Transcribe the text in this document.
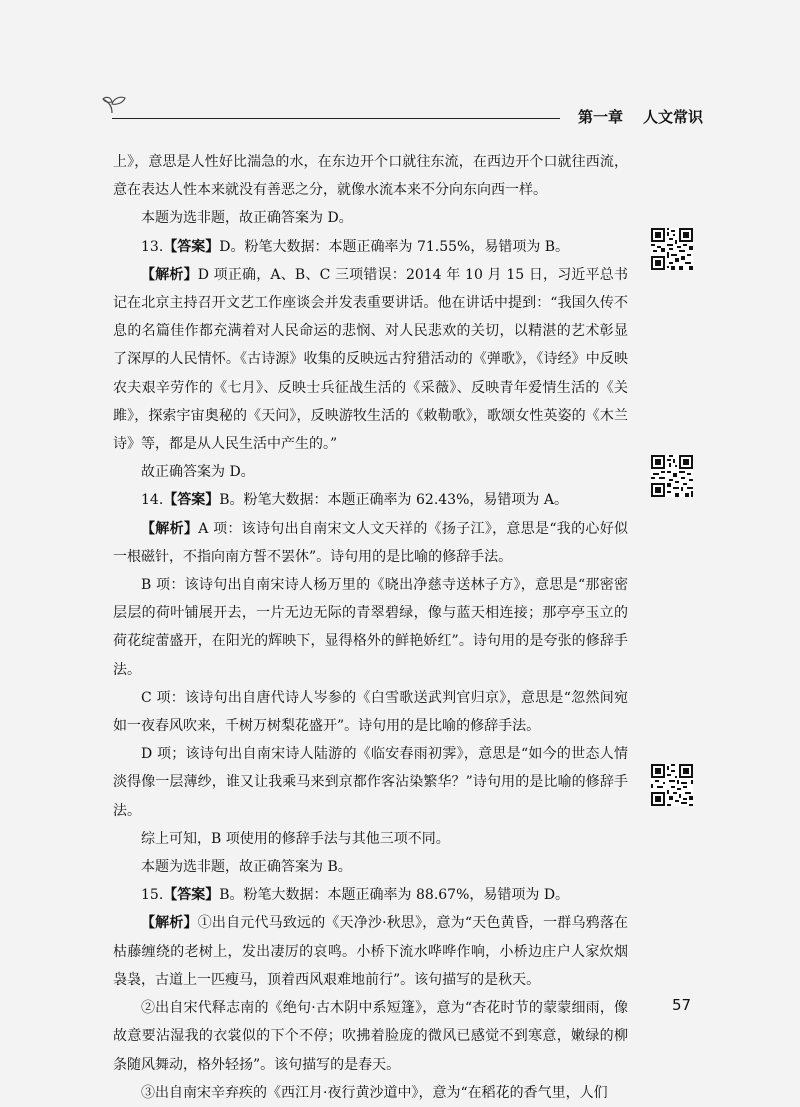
第一章 人文常识

上》，意思是人性好比湍急的水，在东边开个口就往东流，在西边开个口就往西流，意在表达人性本来就没有善恶之分，就像水流本来不分向东向西一样。

本题为选非题，故正确答案为 D。

13.【答案】D。粉笔大数据：本题正确率为 71.55%，易错项为 B。

【解析】D 项正确，A、B、C 三项错误：2014 年 10 月 15 日，习近平总书记在北京主持召开文艺工作座谈会并发表重要讲话。他在讲话中提到：“我国久传不息的名篇佳作都充满着对人民命运的悲悯、对人民悲欢的关切，以精湛的艺术彰显了深厚的人民情怀。《古诗源》收集的反映远古狩猎活动的《弹歌》，《诗经》中反映农夫艰辛劳作的《七月》、反映士兵征战生活的《采薇》、反映青年爱情生活的《关雎》，探索宇宙奥秘的《天问》，反映游牧生活的《敕勒歌》，歌颂女性英姿的《木兰诗》等，都是从人民生活中产生的。”

故正确答案为 D。

14.【答案】B。粉笔大数据：本题正确率为 62.43%，易错项为 A。

【解析】A 项：该诗句出自南宋文人文天祥的《扬子江》，意思是“我的心好似一根磁针，不指向南方誓不罢休”。诗句用的是比喻的修辞手法。

B 项：该诗句出自南宋诗人杨万里的《晓出净慈寺送林子方》，意思是“那密密层层的荷叶铺展开去，一片无边无际的青翠碧绿，像与蓝天相连接；那亭亭玉立的荷花绽蕾盛开，在阳光的辉映下，显得格外的鲜艳娇红”。诗句用的是夸张的修辞手法。

C 项：该诗句出自唐代诗人岑参的《白雪歌送武判官归京》，意思是“忽然间宛如一夜春风吹来，千树万树梨花盛开”。诗句用的是比喻的修辞手法。

D 项；该诗句出自南宋诗人陆游的《临安春雨初霁》，意思是“如今的世态人情淡得像一层薄纱，谁又让我乘马来到京都作客沾染繁华？”诗句用的是比喻的修辞手法。

综上可知，B 项使用的修辞手法与其他三项不同。

本题为选非题，故正确答案为 B。

15.【答案】B。粉笔大数据：本题正确率为 88.67%，易错项为 D。

【解析】①出自元代马致远的《天净沙·秋思》，意为“天色黄昏，一群乌鸦落在枯藤缠绕的老树上，发出凄厉的哀鸣。小桥下流水哗哗作响，小桥边庄户人家炊烟袅袅，古道上一匹瘦马，顶着西风艰难地前行”。该句描写的是秋天。

②出自宋代释志南的《绝句·古木阴中系短篷》，意为“杏花时节的蒙蒙细雨，像故意要沾湿我的衣裳似的下个不停；吹拂着脸庞的微风已感觉不到寒意，嫩绿的柳条随风舞动，格外轻扬”。该句描写的是春天。

③出自南宋辛弃疾的《西江月·夜行黄沙道中》，意为“在稻花的香气里，人们

57
